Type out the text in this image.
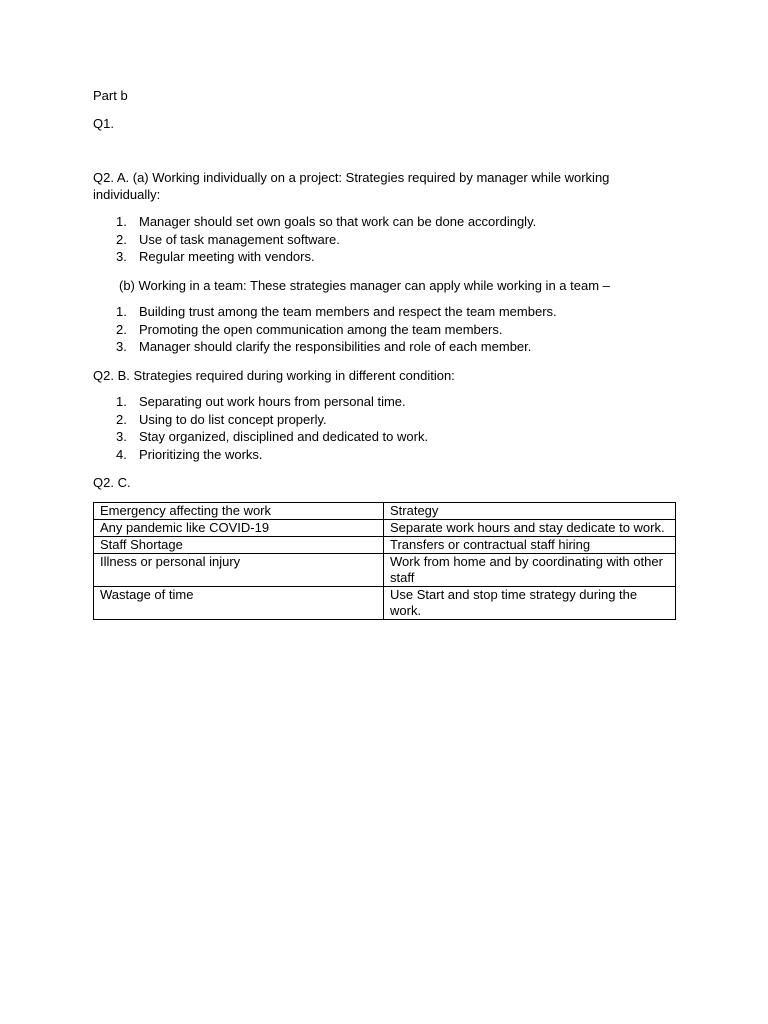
Part b

Q1.

Q2. A. (a) Working individually on a project: Strategies required by manager while working individually:

1. Manager should set own goals so that work can be done accordingly.
2. Use of task management software.
3. Regular meeting with vendors.

(b) Working in a team: These strategies manager can apply while working in a team –

1. Building trust among the team members and respect the team members.
2. Promoting the open communication among the team members.
3. Manager should clarify the responsibilities and role of each member.

Q2. B. Strategies required during working in different condition:

1. Separating out work hours from personal time.
2. Using to do list concept properly.
3. Stay organized, disciplined and dedicated to work.
4. Prioritizing the works.

Q2. C.

Emergency affecting the work	Strategy
Any pandemic like COVID-19	Separate work hours and stay dedicate to work.
Staff Shortage	Transfers or contractual staff hiring
Illness or personal injury	Work from home and by coordinating with other staff
Wastage of time	Use Start and stop time strategy during the work.
